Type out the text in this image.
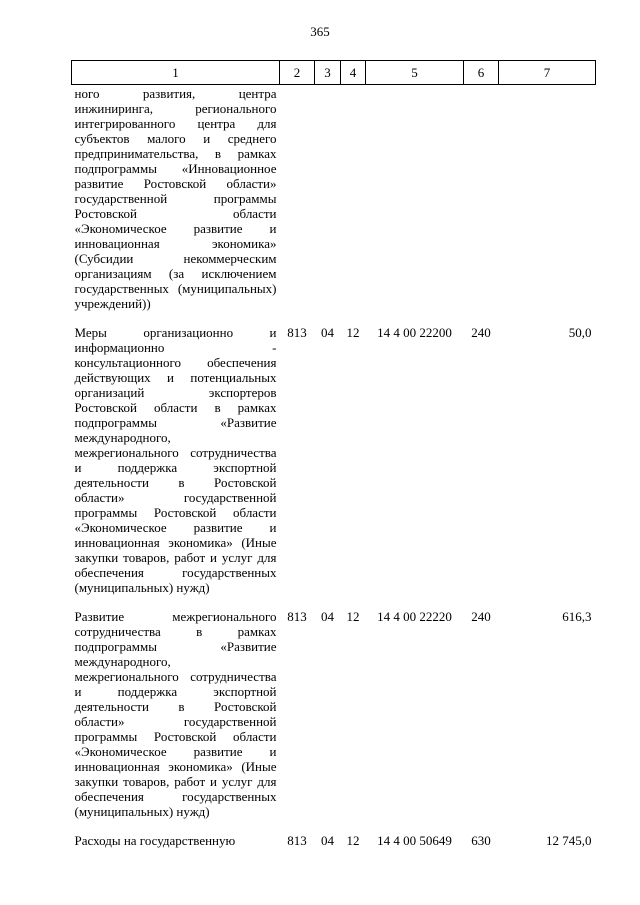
365
1	2	3	4	5	6	7
ного развития, центра инжиниринга, регионального интегрированного центра для субъектов малого и среднего предпринимательства, в рамках подпрограммы «Инновационное развитие Ростовской области» государственной программы Ростовской области «Экономическое развитие и инновационная экономика» (Субсидии некоммерческим организациям (за исключением государственных (муниципальных) учреждений))						
Меры организационно и информационно - консультационного обеспечения действующих и потенциальных организаций экспортеров Ростовской области в рамках подпрограммы «Развитие международного, межрегионального сотрудничества и поддержка экспортной деятельности в Ростовской области» государственной программы Ростовской области «Экономическое развитие и инновационная экономика» (Иные закупки товаров, работ и услуг для обеспечения государственных (муниципальных) нужд)	813	04	12	14 4 00 22200	240	50,0
Развитие межрегионального сотрудничества в рамках подпрограммы «Развитие международного, межрегионального сотрудничества и поддержка экспортной деятельности в Ростовской области» государственной программы Ростовской области «Экономическое развитие и инновационная экономика» (Иные закупки товаров, работ и услуг для обеспечения государственных (муниципальных) нужд)	813	04	12	14 4 00 22220	240	616,3
Расходы на государственную	813	04	12	14 4 00 50649	630	12 745,0
